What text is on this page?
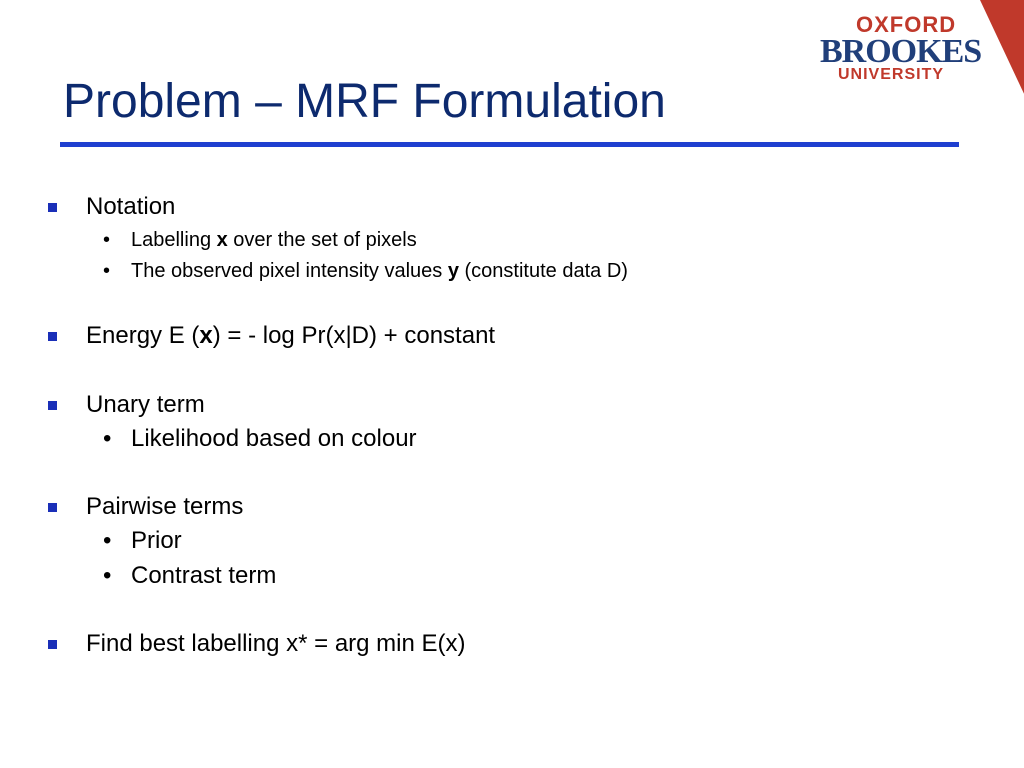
Problem – MRF Formulation
OXFORD
BROOKES
UNIVERSITY
Notation
• Labelling x over the set of pixels
• The observed pixel intensity values y (constitute data D)
Energy E (x) = - log Pr(x|D) + constant
Unary term
• Likelihood based on colour
Pairwise terms
• Prior
• Contrast term
Find best labelling x* = arg min E(x)
